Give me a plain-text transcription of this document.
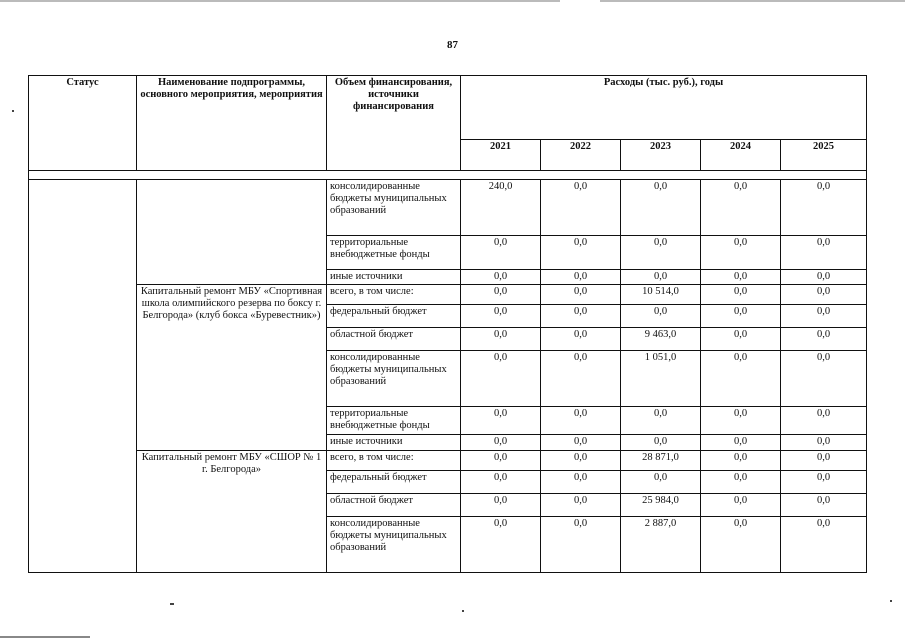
87
Статус	Наименование подпрограммы, основного мероприятия, мероприятия	Объем финансирования, источники финансирования	Расходы (тыс. руб.), годы				
			2021	2022	2023	2024	2025

		консолидированные бюджеты муниципальных образований	240,0	0,0	0,0	0,0	0,0
		территориальные внебюджетные фонды	0,0	0,0	0,0	0,0	0,0
		иные источники	0,0	0,0	0,0	0,0	0,0
	Капитальный ремонт МБУ «Спортивная школа олимпийского резерва по боксу г. Белгорода» (клуб бокса «Буревестник»)	всего, в том числе:	0,0	0,0	10 514,0	0,0	0,0
		федеральный бюджет	0,0	0,0	0,0	0,0	0,0
		областной бюджет	0,0	0,0	9 463,0	0,0	0,0
		консолидированные бюджеты муниципальных образований	0,0	0,0	1 051,0	0,0	0,0
		территориальные внебюджетные фонды	0,0	0,0	0,0	0,0	0,0
		иные источники	0,0	0,0	0,0	0,0	0,0
	Капитальный ремонт МБУ «СШОР № 1 г. Белгорода»	всего, в том числе:	0,0	0,0	28 871,0	0,0	0,0
		федеральный бюджет	0,0	0,0	0,0	0,0	0,0
		областной бюджет	0,0	0,0	25 984,0	0,0	0,0
		консолидированные бюджеты муниципальных образований	0,0	0,0	2 887,0	0,0	0,0
